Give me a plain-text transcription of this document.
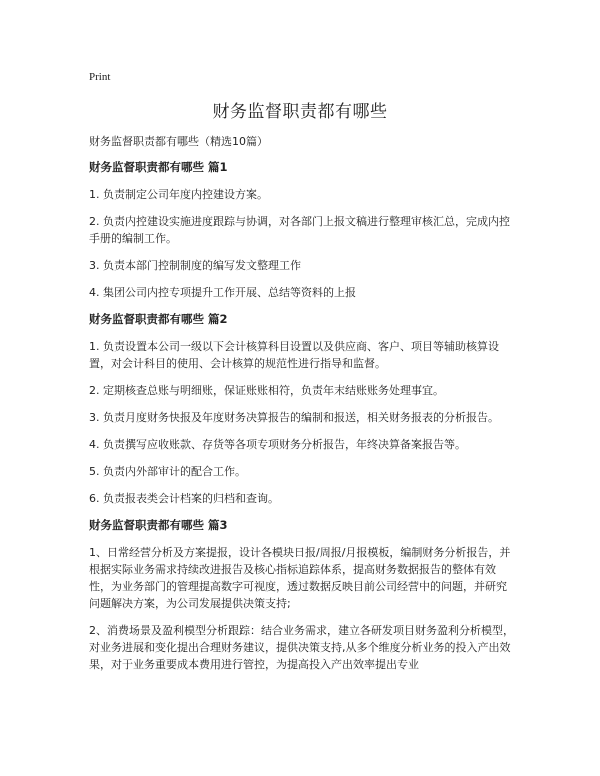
Print
财务监督职责都有哪些

财务监督职责都有哪些（精选10篇）

财务监督职责都有哪些 篇1

1. 负责制定公司年度内控建设方案。

2. 负责内控建设实施进度跟踪与协调，对各部门上报文稿进行整理审核汇总，完成内控手册的编制工作。

3. 负责本部门控制制度的编写发文整理工作

4. 集团公司内控专项提升工作开展、总结等资料的上报

财务监督职责都有哪些 篇2

1. 负责设置本公司一级以下会计核算科目设置以及供应商、客户、项目等辅助核算设置，对会计科目的使用、会计核算的规范性进行指导和监督。

2. 定期核查总账与明细账，保证账账相符，负责年末结账账务处理事宜。

3. 负责月度财务快报及年度财务决算报告的编制和报送，相关财务报表的分析报告。

4. 负责撰写应收账款、存货等各项专项财务分析报告，年终决算备案报告等。

5. 负责内外部审计的配合工作。

6. 负责报表类会计档案的归档和查询。

财务监督职责都有哪些 篇3

1、日常经营分析及方案提报，设计各模块日报/周报/月报模板，编制财务分析报告，并根据实际业务需求持续改进报告及核心指标追踪体系，提高财务数据报告的整体有效性，为业务部门的管理提高数字可视度，透过数据反映目前公司经营中的问题，并研究问题解决方案，为公司发展提供决策支持;

2、消费场景及盈利模型分析跟踪：结合业务需求，建立各研发项目财务盈利分析模型，对业务进展和变化提出合理财务建议，提供决策支持,从多个维度分析业务的投入产出效果，对于业务重要成本费用进行管控，为提高投入产出效率提出专业
